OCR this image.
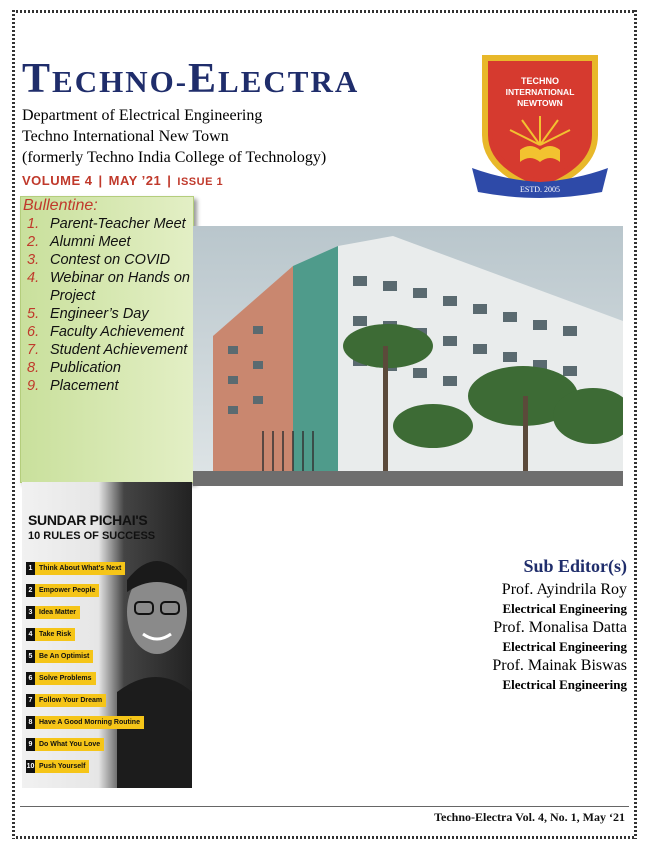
TECHNO-ELECTRA
Department of Electrical Engineering
Techno International New Town
(formerly Techno India College of Technology)
VOLUME 4 | MAY ’21 | ISSUE 1
TECHNO
INTERNATIONAL
NEWTOWN
ESTD. 2005
Bullentine:
1. Parent-Teacher Meet
2. Alumni Meet
3. Contest on COVID
4. Webinar on Hands on Project
5. Engineer’s Day
6. Faculty Achievement
7. Student Achievement
8. Publication
9. Placement
SUNDAR PICHAI'S
10 RULES OF SUCCESS
1 Think About What's Next
2 Empower People
3 Idea Matter
4 Take Risk
5 Be An Optimist
6 Solve Problems
7 Follow Your Dream
8 Have A Good Morning Routine
9 Do What You Love
10 Push Yourself
Sub Editor(s)
Prof. Ayindrila Roy
Electrical Engineering
Prof. Monalisa Datta
Electrical Engineering
Prof. Mainak Biswas
Electrical Engineering
Techno-Electra Vol. 4, No. 1, May ‘21
